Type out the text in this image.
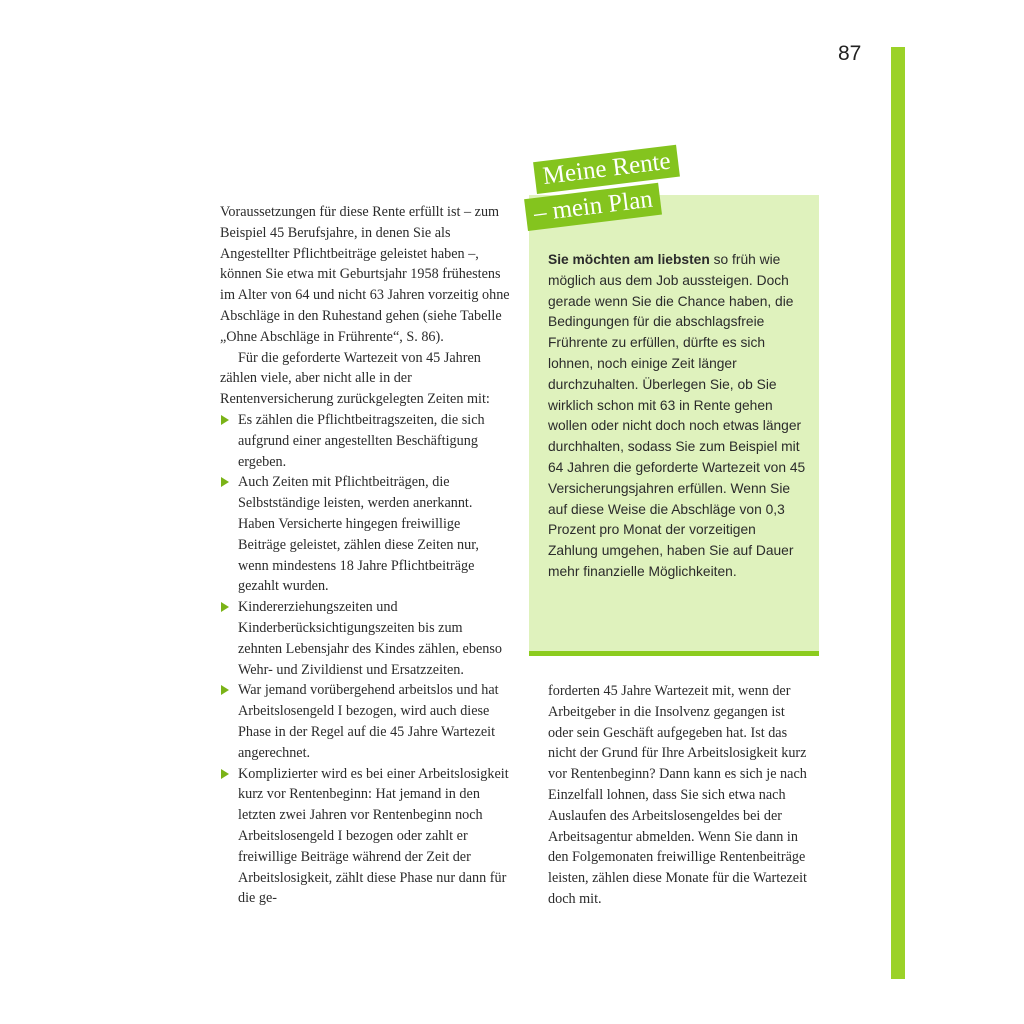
87

Voraussetzungen für diese Rente erfüllt ist – zum Beispiel 45 Berufsjahre, in denen Sie als Angestellter Pflichtbeiträge geleistet haben –, können Sie etwa mit Geburtsjahr 1958 frühestens im Alter von 64 und nicht 63 Jahren vorzeitig ohne Abschläge in den Ruhestand gehen (siehe Tabelle „Ohne Abschläge in Frührente“, S. 86).

Für die geforderte Wartezeit von 45 Jahren zählen viele, aber nicht alle in der Rentenversicherung zurückgelegten Zeiten mit:

Es zählen die Pflichtbeitragszeiten, die sich aufgrund einer angestellten Beschäftigung ergeben.
Auch Zeiten mit Pflichtbeiträgen, die Selbstständige leisten, werden anerkannt. Haben Versicherte hingegen freiwillige Beiträge geleistet, zählen diese Zeiten nur, wenn mindestens 18 Jahre Pflichtbeiträge gezahlt wurden.
Kindererziehungszeiten und Kinderberücksichtigungszeiten bis zum zehnten Lebensjahr des Kindes zählen, ebenso Wehr- und Zivildienst und Ersatzzeiten.
War jemand vorübergehend arbeitslos und hat Arbeitslosengeld I bezogen, wird auch diese Phase in der Regel auf die 45 Jahre Wartezeit angerechnet.
Komplizierter wird es bei einer Arbeitslosigkeit kurz vor Rentenbeginn: Hat jemand in den letzten zwei Jahren vor Rentenbeginn noch Arbeitslosengeld I bezogen oder zahlt er freiwillige Beiträge während der Zeit der Arbeitslosigkeit, zählt diese Phase nur dann für die ge-
Meine Rente
– mein Plan
Sie möchten am liebsten so früh wie möglich aus dem Job aussteigen. Doch gerade wenn Sie die Chance haben, die Bedingungen für die abschlagsfreie Frührente zu erfüllen, dürfte es sich lohnen, noch einige Zeit länger durchzuhalten. Überlegen Sie, ob Sie wirklich schon mit 63 in Rente gehen wollen oder nicht doch noch etwas länger durchhalten, sodass Sie zum Beispiel mit 64 Jahren die geforderte Wartezeit von 45 Versicherungsjahren erfüllen. Wenn Sie auf diese Weise die Abschläge von 0,3 Prozent pro Monat der vorzeitigen Zahlung umgehen, haben Sie auf Dauer mehr finanzielle Möglichkeiten.

forderten 45 Jahre Wartezeit mit, wenn der Arbeitgeber in die Insolvenz gegangen ist oder sein Geschäft aufgegeben hat. Ist das nicht der Grund für Ihre Arbeitslosigkeit kurz vor Rentenbeginn? Dann kann es sich je nach Einzelfall lohnen, dass Sie sich etwa nach Auslaufen des Arbeitslosengeldes bei der Arbeitsagentur abmelden. Wenn Sie dann in den Folgemonaten freiwillige Rentenbeiträge leisten, zählen diese Monate für die Wartezeit doch mit.
